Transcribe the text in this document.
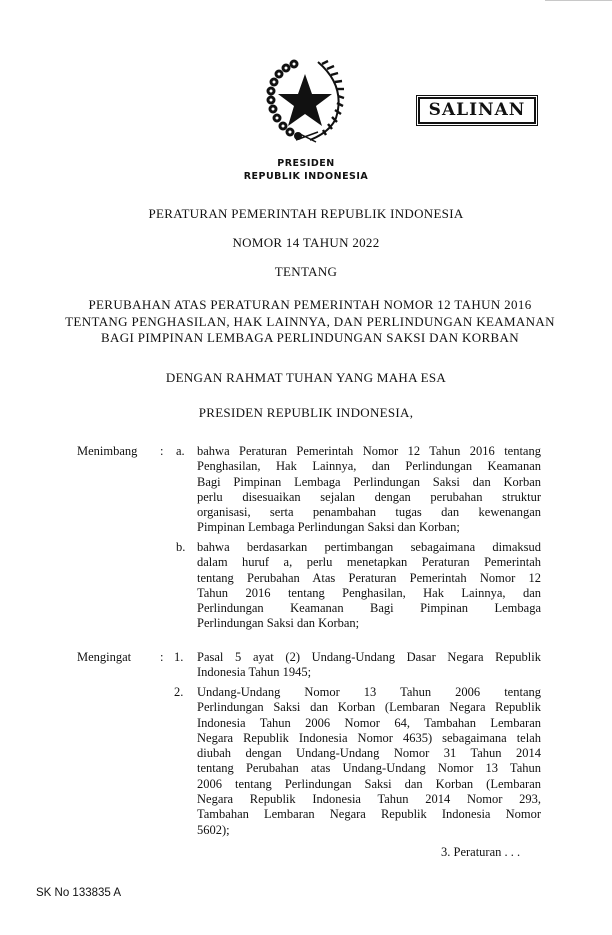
SALINAN
PRESIDEN
REPUBLIK INDONESIA
PERATURAN PEMERINTAH REPUBLIK INDONESIA
NOMOR 14 TAHUN 2022
TENTANG
PERUBAHAN ATAS PERATURAN PEMERINTAH NOMOR 12 TAHUN 2016
TENTANG PENGHASILAN, HAK LAINNYA, DAN PERLINDUNGAN KEAMANAN
BAGI PIMPINAN LEMBAGA PERLINDUNGAN SAKSI DAN KORBAN
DENGAN RAHMAT TUHAN YANG MAHA ESA
PRESIDEN REPUBLIK INDONESIA,
Menimbang : a. bahwa Peraturan Pemerintah Nomor 12 Tahun 2016 tentang
Penghasilan, Hak Lainnya, dan Perlindungan Keamanan
Bagi Pimpinan Lembaga Perlindungan Saksi dan Korban
perlu disesuaikan sejalan dengan perubahan struktur
organisasi, serta penambahan tugas dan kewenangan
Pimpinan Lembaga Perlindungan Saksi dan Korban;
b. bahwa berdasarkan pertimbangan sebagaimana dimaksud
dalam huruf a, perlu menetapkan Peraturan Pemerintah
tentang Perubahan Atas Peraturan Pemerintah Nomor 12
Tahun 2016 tentang Penghasilan, Hak Lainnya, dan
Perlindungan Keamanan Bagi Pimpinan Lembaga
Perlindungan Saksi dan Korban;
Mengingat : 1. Pasal 5 ayat (2) Undang-Undang Dasar Negara Republik
Indonesia Tahun 1945;
2. Undang-Undang Nomor 13 Tahun 2006 tentang
Perlindungan Saksi dan Korban (Lembaran Negara Republik
Indonesia Tahun 2006 Nomor 64, Tambahan Lembaran
Negara Republik Indonesia Nomor 4635) sebagaimana telah
diubah dengan Undang-Undang Nomor 31 Tahun 2014
tentang Perubahan atas Undang-Undang Nomor 13 Tahun
2006 tentang Perlindungan Saksi dan Korban (Lembaran
Negara Republik Indonesia Tahun 2014 Nomor 293,
Tambahan Lembaran Negara Republik Indonesia Nomor
5602);
3. Peraturan . . .
SK No 133835 A
